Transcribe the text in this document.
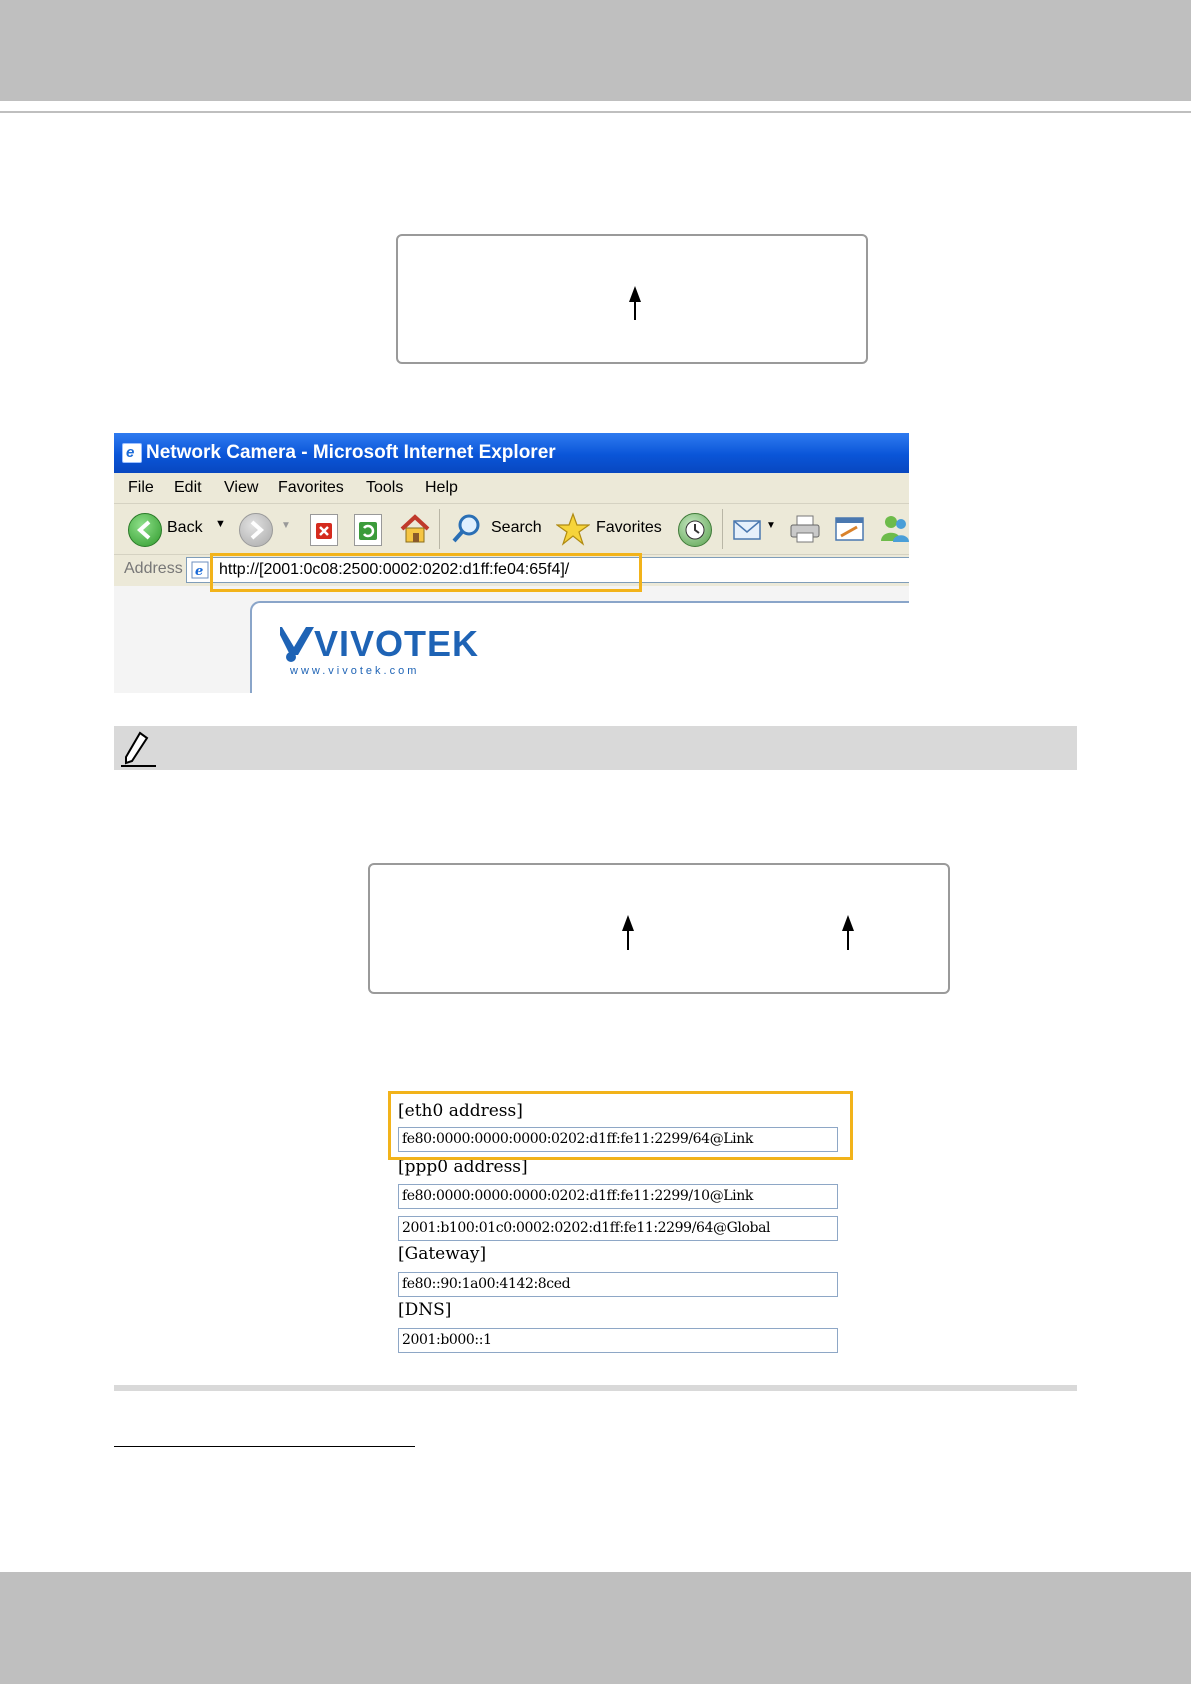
e Network Camera - Microsoft Internet Explorer
File Edit View Favorites Tools Help
Back ▼	▼	Search	Favorites	▼
Address e http://[2001:0c08:2500:0002:0202:d1ff:fe04:65f4]/
VIVOTEK
www.vivotek.com
[eth0 address]
fe80:0000:0000:0000:0202:d1ff:fe11:2299/64@Link
[ppp0 address]
fe80:0000:0000:0000:0202:d1ff:fe11:2299/10@Link
2001:b100:01c0:0002:0202:d1ff:fe11:2299/64@Global
[Gateway]
fe80::90:1a00:4142:8ced
[DNS]
2001:b000::1
